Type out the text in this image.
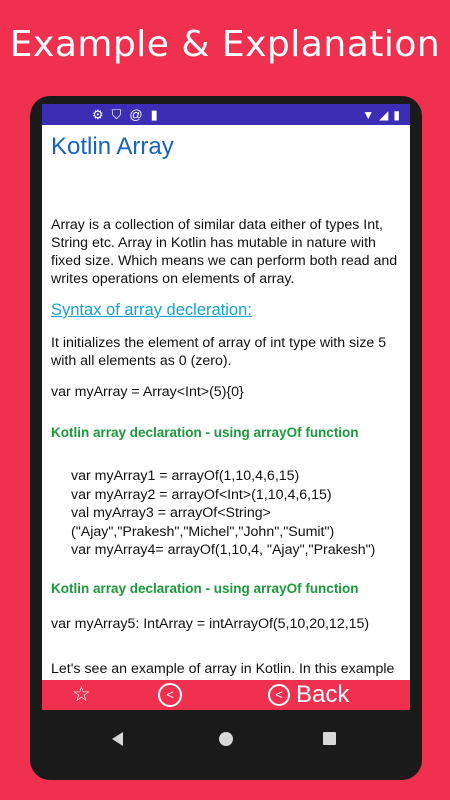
Example & Explanation
⚙ ⛉ @ ▮	▼ ◢ ▮
Kotlin Array

Array is a collection of similar data either of types Int, String etc. Array in Kotlin has mutable in nature with fixed size. Which means we can perform both read and writes operations on elements of array.

Syntax of array decleration:

It initializes the element of array of int type with size 5 with all elements as 0 (zero).

var myArray = Array<Int>(5){0}
Kotlin array declaration - using arrayOf function
var myArray1 = arrayOf(1,10,4,6,15)
var myArray2 = arrayOf<Int>(1,10,4,6,15)
val myArray3 = arrayOf<String>
("Ajay","Prakesh","Michel","John","Sumit")
var myArray4= arrayOf(1,10,4, "Ajay","Prakesh")
Kotlin array declaration - using arrayOf function
var myArray5: IntArray = intArrayOf(5,10,20,12,15)

Let's see an example of array in Kotlin. In this example

☆	<	< Back
